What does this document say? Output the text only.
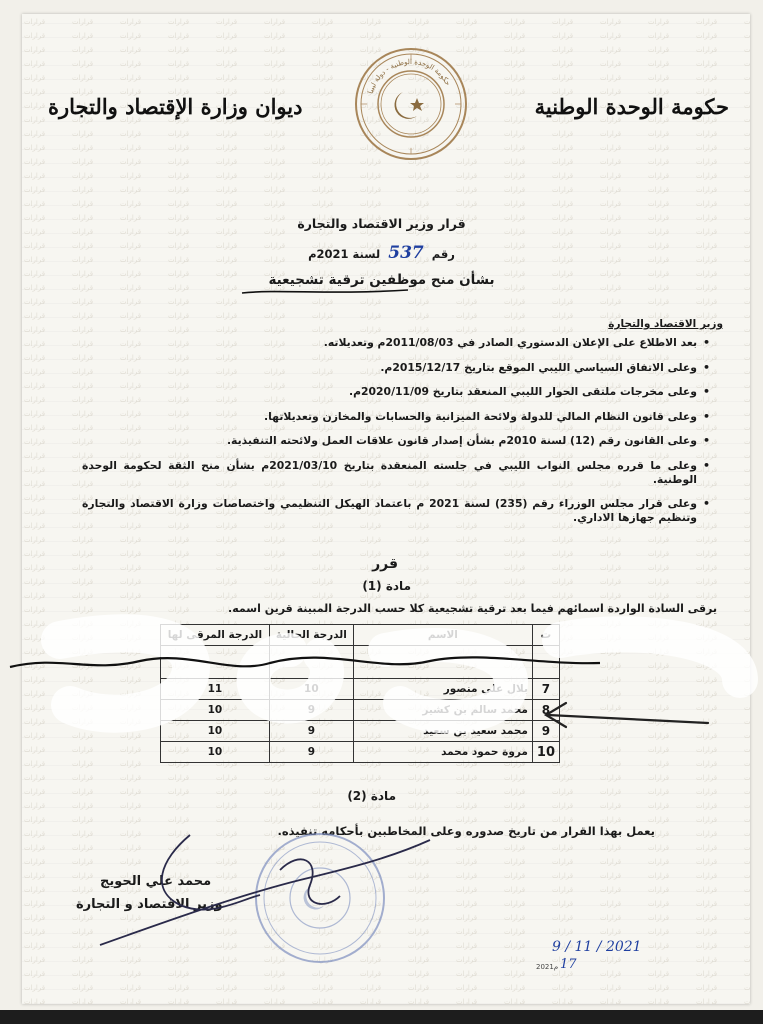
حكومة الوحدة الوطنية
ديوان وزارة الإقتصاد والتجارة
حكومة الوحدة الوطنية - دولة ليبيا
قرار وزير الاقتصاد والتجارة
رقم 537 لسنة 2021م
بشأن منح موظفين ترقية تشجيعية
وزير الاقتصاد والتجارة
• بعد الاطلاع على الإعلان الدستوري الصادر في 2011/08/03م وتعديلاته.
• وعلى الاتفاق السياسي الليبي الموقع بتاريخ 2015/12/17م.
• وعلى مخرجات ملتقى الحوار الليبي المنعقد بتاريخ 2020/11/09م.
• وعلى قانون النظام المالي للدولة ولائحة الميزانية والحسابات والمخازن وتعديلاتها.
• وعلى القانون رقم (12) لسنة 2010م بشأن إصدار قانون علاقات العمل ولائحته التنفيذية.
• وعلى ما قرره مجلس النواب الليبي في جلسته المنعقدة بتاريخ 2021/03/10م بشأن منح الثقة لحكومة الوحدة الوطنية.
• وعلى قرار مجلس الوزراء رقم (235) لسنة 2021 م باعتماد الهيكل التنظيمي واختصاصات وزارة الاقتصاد والتجارة وتنظيم جهازها الاداري.
قرر
مادة (1)
يرقى السادة الواردة اسمائهم فيما بعد ترقية تشجيعية كلا حسب الدرجة المبينة قرين اسمه.
ت	الاسم	الدرجة الحالية	الدرجة المرقى لها

7	بلال علي منصور	10	11
8	محمد سالم بن كشير	9	10
9	محمد سعيد بن سعيد	9	10
10	مروة حمود محمد	9	10
مادة (2)
يعمل بهذا القرار من تاريخ صدوره وعلى المخاطبين بأحكامه تنفيذه.
محمد علي الحويج
وزير الاقتصاد و التجارة
9 / 11 / 2021
2021م 17
